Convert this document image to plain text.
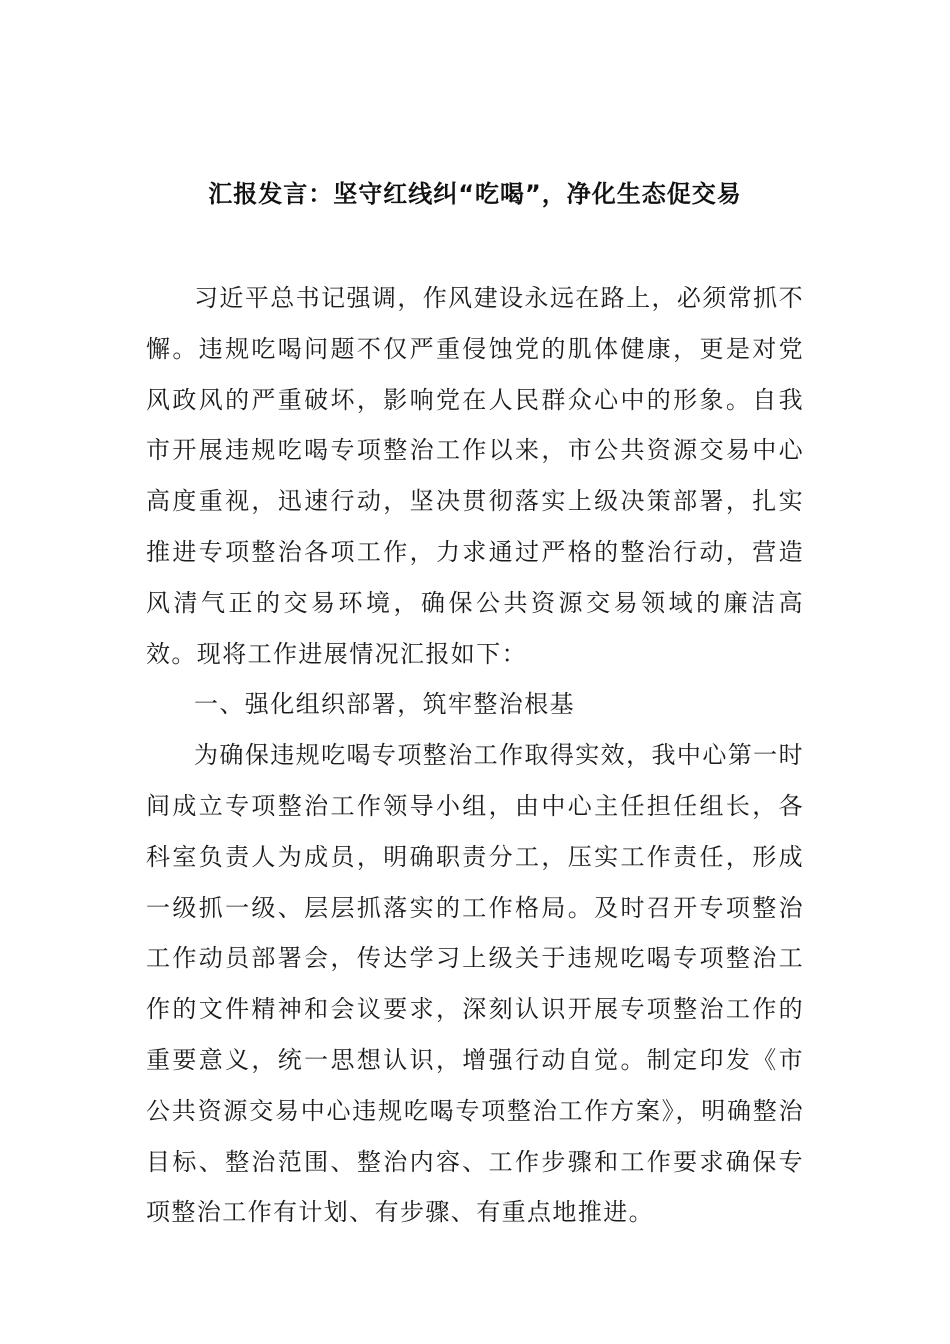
汇报发言：坚守红线纠“吃喝”，净化生态促交易

习近平总书记强调，作风建设永远在路上，必须常抓不懈。违规吃喝问题不仅严重侵蚀党的肌体健康，更是对党风政风的严重破坏，影响党在人民群众心中的形象。自我市开展违规吃喝专项整治工作以来，市公共资源交易中心高度重视，迅速行动，坚决贯彻落实上级决策部署，扎实推进专项整治各项工作，力求通过严格的整治行动，营造风清气正的交易环境，确保公共资源交易领域的廉洁高效。现将工作进展情况汇报如下：

一、强化组织部署，筑牢整治根基

为确保违规吃喝专项整治工作取得实效，我中心第一时间成立专项整治工作领导小组，由中心主任担任组长，各科室负责人为成员，明确职责分工，压实工作责任，形成一级抓一级、层层抓落实的工作格局。及时召开专项整治工作动员部署会，传达学习上级关于违规吃喝专项整治工作的文件精神和会议要求，深刻认识开展专项整治工作的重要意义，统一思想认识，增强行动自觉。制定印发《市公共资源交易中心违规吃喝专项整治工作方案》，明确整治目标、整治范围、整治内容、工作步骤和工作要求确保专项整治工作有计划、有步骤、有重点地推进。
